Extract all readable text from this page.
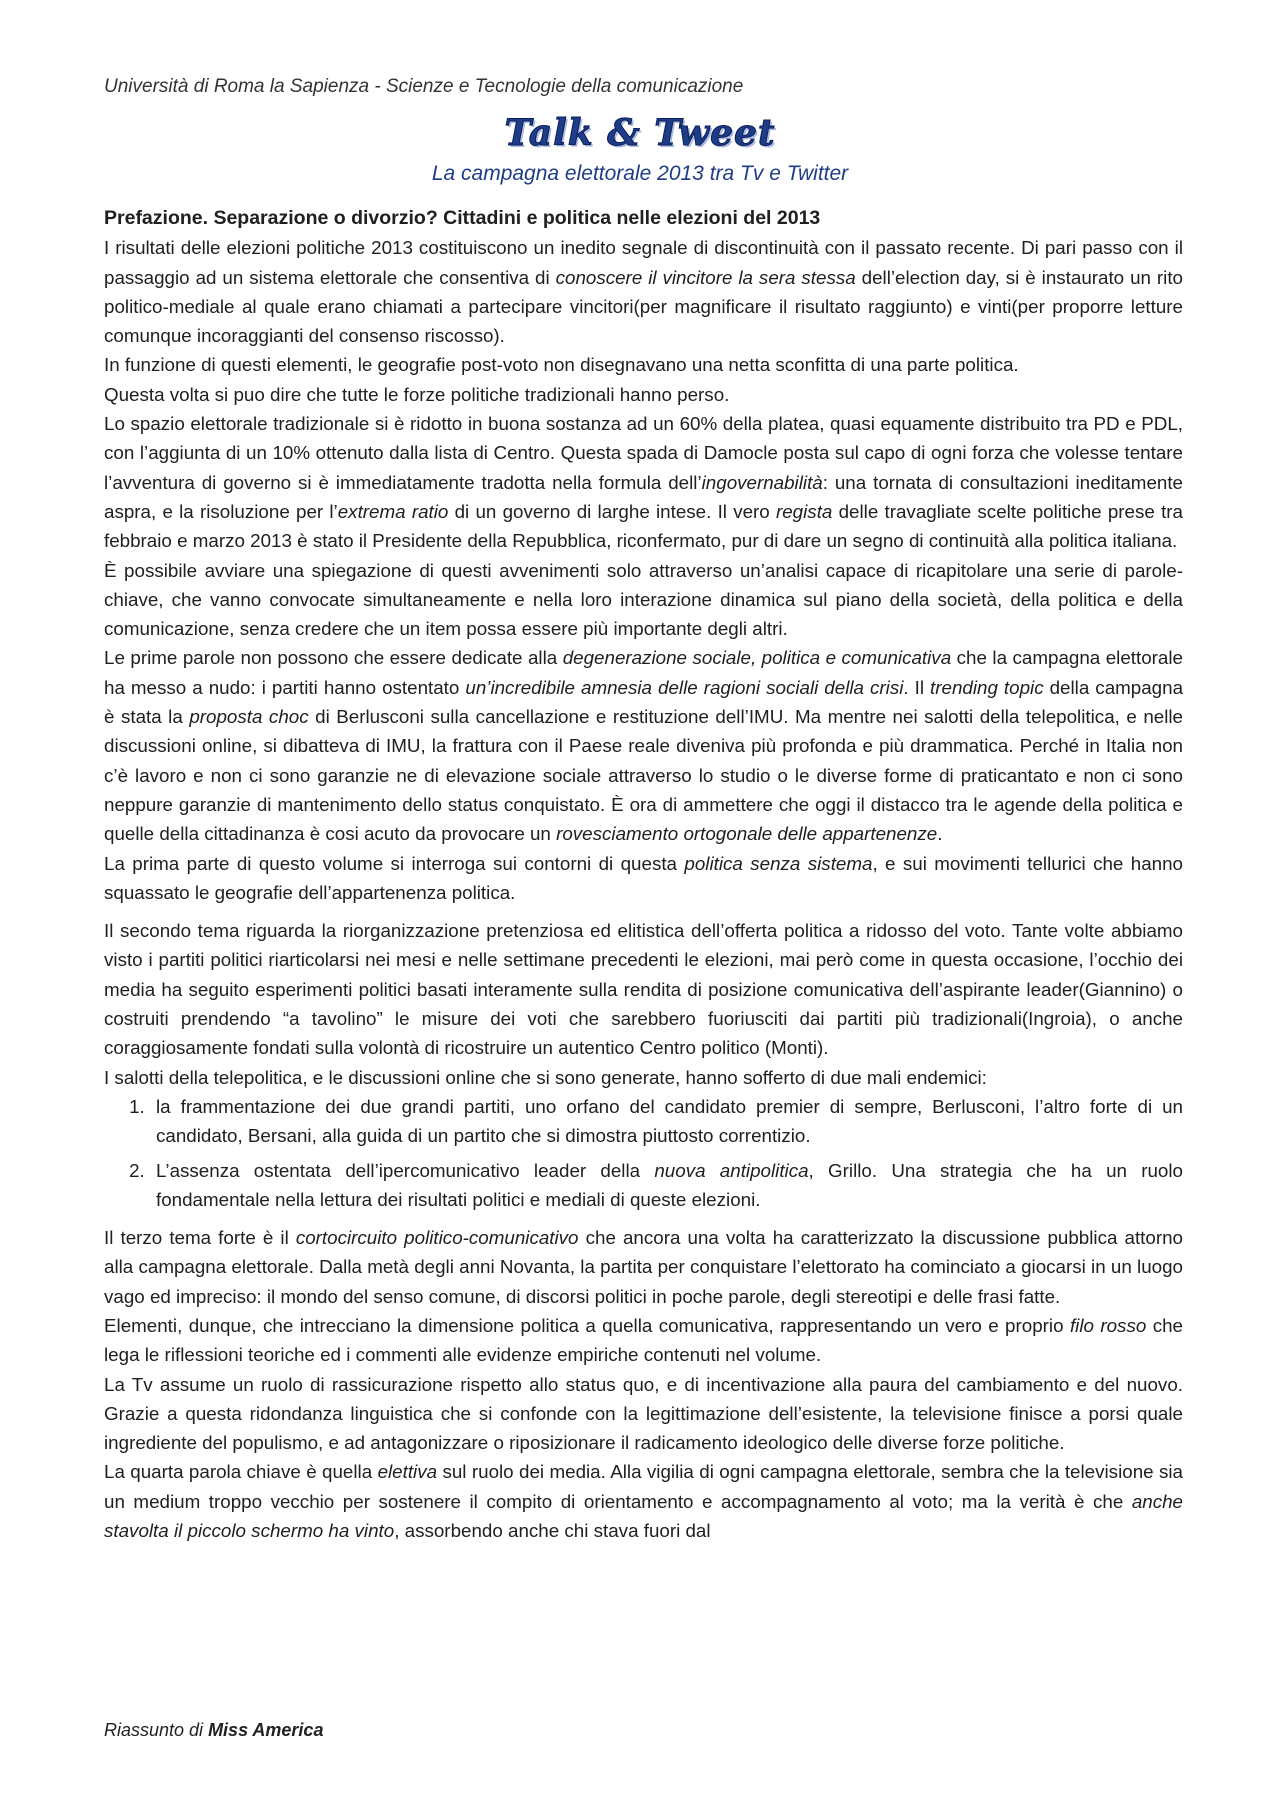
Università di Roma la Sapienza - Scienze e Tecnologie della comunicazione
Talk & Tweet
La campagna elettorale 2013 tra Tv e Twitter

Prefazione. Separazione o divorzio? Cittadini e politica nelle elezioni del 2013

I risultati delle elezioni politiche 2013 costituiscono un inedito segnale di discontinuità con il passato recente. Di pari passo con il passaggio ad un sistema elettorale che consentiva di conoscere il vincitore la sera stessa dell’election day, si è instaurato un rito politico-mediale al quale erano chiamati a partecipare vincitori(per magnificare il risultato raggiunto) e vinti(per proporre letture comunque incoraggianti del consenso riscosso).

In funzione di questi elementi, le geografie post-voto non disegnavano una netta sconfitta di una parte politica.

Questa volta si puo dire che tutte le forze politiche tradizionali hanno perso.

Lo spazio elettorale tradizionale si è ridotto in buona sostanza ad un 60% della platea, quasi equamente distribuito tra PD e PDL, con l’aggiunta di un 10% ottenuto dalla lista di Centro. Questa spada di Damocle posta sul capo di ogni forza che volesse tentare l’avventura di governo si è immediatamente tradotta nella formula dell’ingovernabilità: una tornata di consultazioni ineditamente aspra, e la risoluzione per l’extrema ratio di un governo di larghe intese. Il vero regista delle travagliate scelte politiche prese tra febbraio e marzo 2013 è stato il Presidente della Repubblica, riconfermato, pur di dare un segno di continuità alla politica italiana.

È possibile avviare una spiegazione di questi avvenimenti solo attraverso un’analisi capace di ricapitolare una serie di parole-chiave, che vanno convocate simultaneamente e nella loro interazione dinamica sul piano della società, della politica e della comunicazione, senza credere che un item possa essere più importante degli altri.

Le prime parole non possono che essere dedicate alla degenerazione sociale, politica e comunicativa che la campagna elettorale ha messo a nudo: i partiti hanno ostentato un’incredibile amnesia delle ragioni sociali della crisi. Il trending topic della campagna è stata la proposta choc di Berlusconi sulla cancellazione e restituzione dell’IMU. Ma mentre nei salotti della telepolitica, e nelle discussioni online, si dibatteva di IMU, la frattura con il Paese reale diveniva più profonda e più drammatica. Perché in Italia non c’è lavoro e non ci sono garanzie ne di elevazione sociale attraverso lo studio o le diverse forme di praticantato e non ci sono neppure garanzie di mantenimento dello status conquistato. È ora di ammettere che oggi il distacco tra le agende della politica e quelle della cittadinanza è cosi acuto da provocare un rovesciamento ortogonale delle appartenenze.

La prima parte di questo volume si interroga sui contorni di questa politica senza sistema, e sui movimenti tellurici che hanno squassato le geografie dell’appartenenza politica.

Il secondo tema riguarda la riorganizzazione pretenziosa ed elitistica dell’offerta politica a ridosso del voto. Tante volte abbiamo visto i partiti politici riarticolarsi nei mesi e nelle settimane precedenti le elezioni, mai però come in questa occasione, l’occhio dei media ha seguito esperimenti politici basati interamente sulla rendita di posizione comunicativa dell’aspirante leader(Giannino) o costruiti prendendo “a tavolino” le misure dei voti che sarebbero fuoriusciti dai partiti più tradizionali(Ingroia), o anche coraggiosamente fondati sulla volontà di ricostruire un autentico Centro politico (Monti).

I salotti della telepolitica, e le discussioni online che si sono generate, hanno sofferto di due mali endemici:

1. la frammentazione dei due grandi partiti, uno orfano del candidato premier di sempre, Berlusconi, l’altro forte di un candidato, Bersani, alla guida di un partito che si dimostra piuttosto correntizio.
2. L’assenza ostentata dell’ipercomunicativo leader della nuova antipolitica, Grillo. Una strategia che ha un ruolo fondamentale nella lettura dei risultati politici e mediali di queste elezioni.

Il terzo tema forte è il cortocircuito politico-comunicativo che ancora una volta ha caratterizzato la discussione pubblica attorno alla campagna elettorale. Dalla metà degli anni Novanta, la partita per conquistare l’elettorato ha cominciato a giocarsi in un luogo vago ed impreciso: il mondo del senso comune, di discorsi politici in poche parole, degli stereotipi e delle frasi fatte.

Elementi, dunque, che intrecciano la dimensione politica a quella comunicativa, rappresentando un vero e proprio filo rosso che lega le riflessioni teoriche ed i commenti alle evidenze empiriche contenuti nel volume.

La Tv assume un ruolo di rassicurazione rispetto allo status quo, e di incentivazione alla paura del cambiamento e del nuovo. Grazie a questa ridondanza linguistica che si confonde con la legittimazione dell’esistente, la televisione finisce a porsi quale ingrediente del populismo, e ad antagonizzare o riposizionare il radicamento ideologico delle diverse forze politiche.

La quarta parola chiave è quella elettiva sul ruolo dei media. Alla vigilia di ogni campagna elettorale, sembra che la televisione sia un medium troppo vecchio per sostenere il compito di orientamento e accompagnamento al voto; ma la verità è che anche stavolta il piccolo schermo ha vinto, assorbendo anche chi stava fuori dal

Riassunto di Miss America
